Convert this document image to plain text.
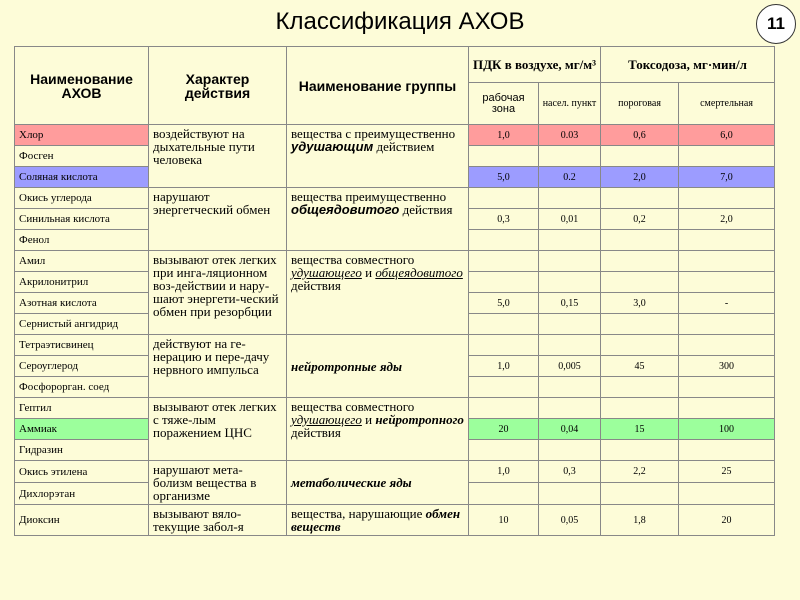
Классификация АХОВ	11
Наименование АХОВ	Характер действия	Наименование группы	ПДК в воздухе, мг/м³		Токсодоза, мг·мин/л	
			рабочая зона	насел. пункт	пороговая	смертельная
Хлор	воздействуют на дыхательные пути человека	вещества с преимущественно удушающим действием	1,0	0.03	0,6	6,0
Фосген						
Соляная кислота			5,0	0.2	2,0	7,0
Окись углерода	нарушают энергетческий обмен	вещества преимущественно общеядовитого действия				
Синильная кислота			0,3	0,01	0,2	2,0
Фенол						
Амил	вызывают отек легких при инга-ляционном воз-действии и нару-шают энергети-ческий обмен при резорбции	вещества совместного удушающего и общеядовитого действия				
Акрилонитрил						
Азотная кислота			5,0	0,15	3,0	-
Сернистый ангидрид						
Тетраэтисвинец	действуют на ге-нерацию и пере-дачу нервного импульса	нейротропные яды				
Сероуглерод			1,0	0,005	45	300
Фосфорорган. соед						
Гептил	вызывают отек легких с тяже-лым поражением ЦНС	вещества совместного удушающего и нейротропного действия				
Аммиак			20	0,04	15	100
Гидразин						
Окись этилена	нарушают мета-болизм вещества в организме	метаболические яды	1,0	0,3	2,2	25
Дихлорэтан						
Диоксин	вызывают вяло-текущие забол-я	вещества, нарушающие обмен веществ	10	0,05	1,8	20
